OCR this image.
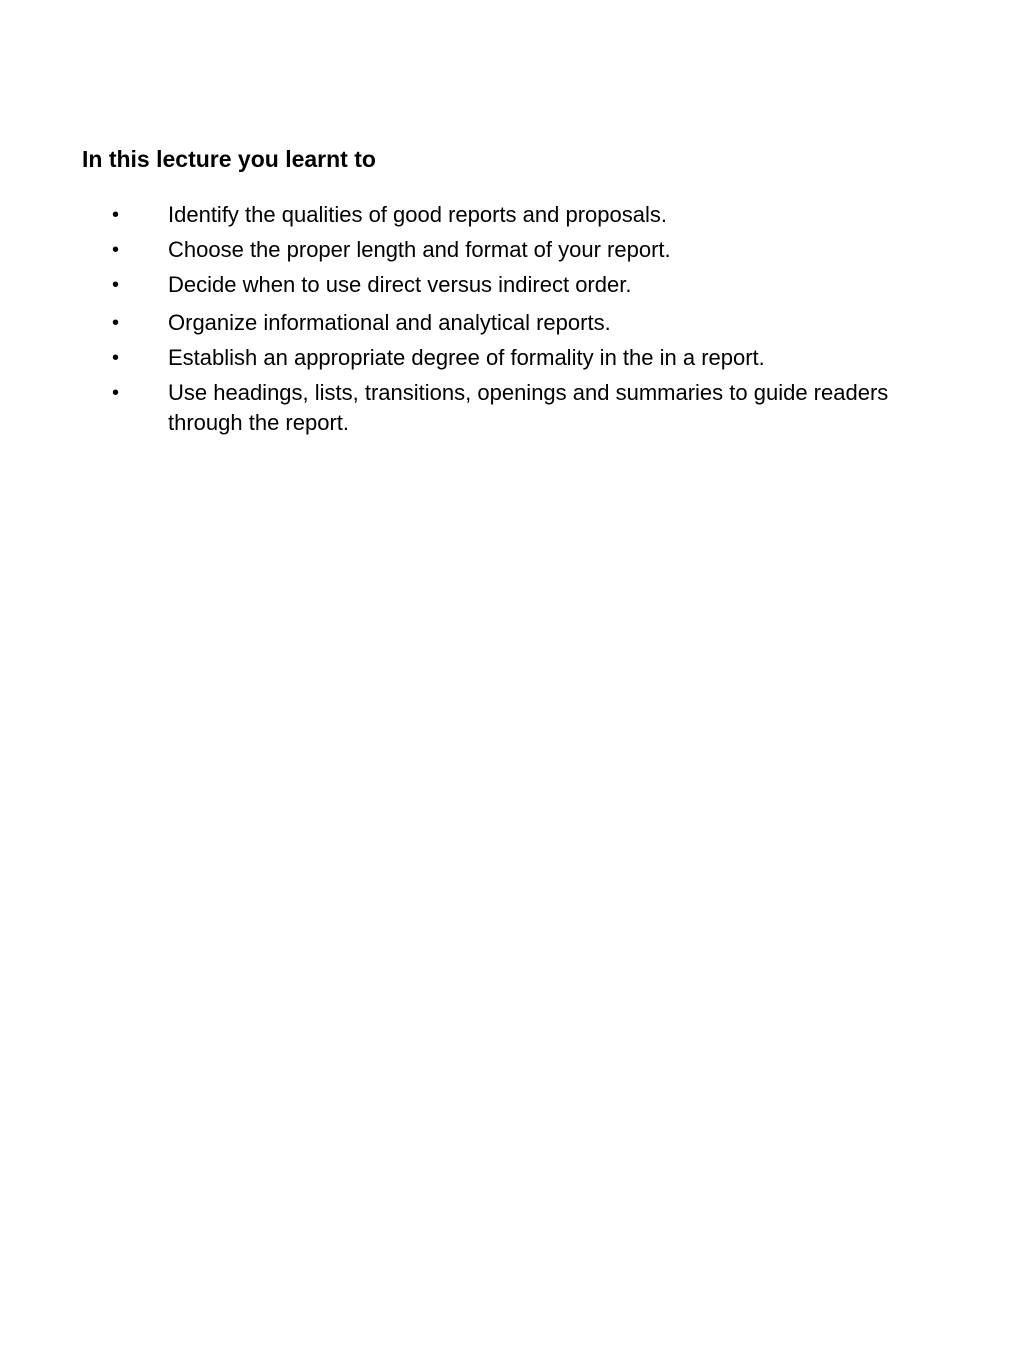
In this lecture you learnt to
•	Identify the qualities of good reports and proposals.
•	Choose the proper length and format of your report.
•	Decide when to use direct versus indirect order.
•	Organize informational and analytical reports.
•	Establish an appropriate degree of formality in the in a report.
•	Use headings, lists, transitions, openings and summaries to guide readers through the report.
